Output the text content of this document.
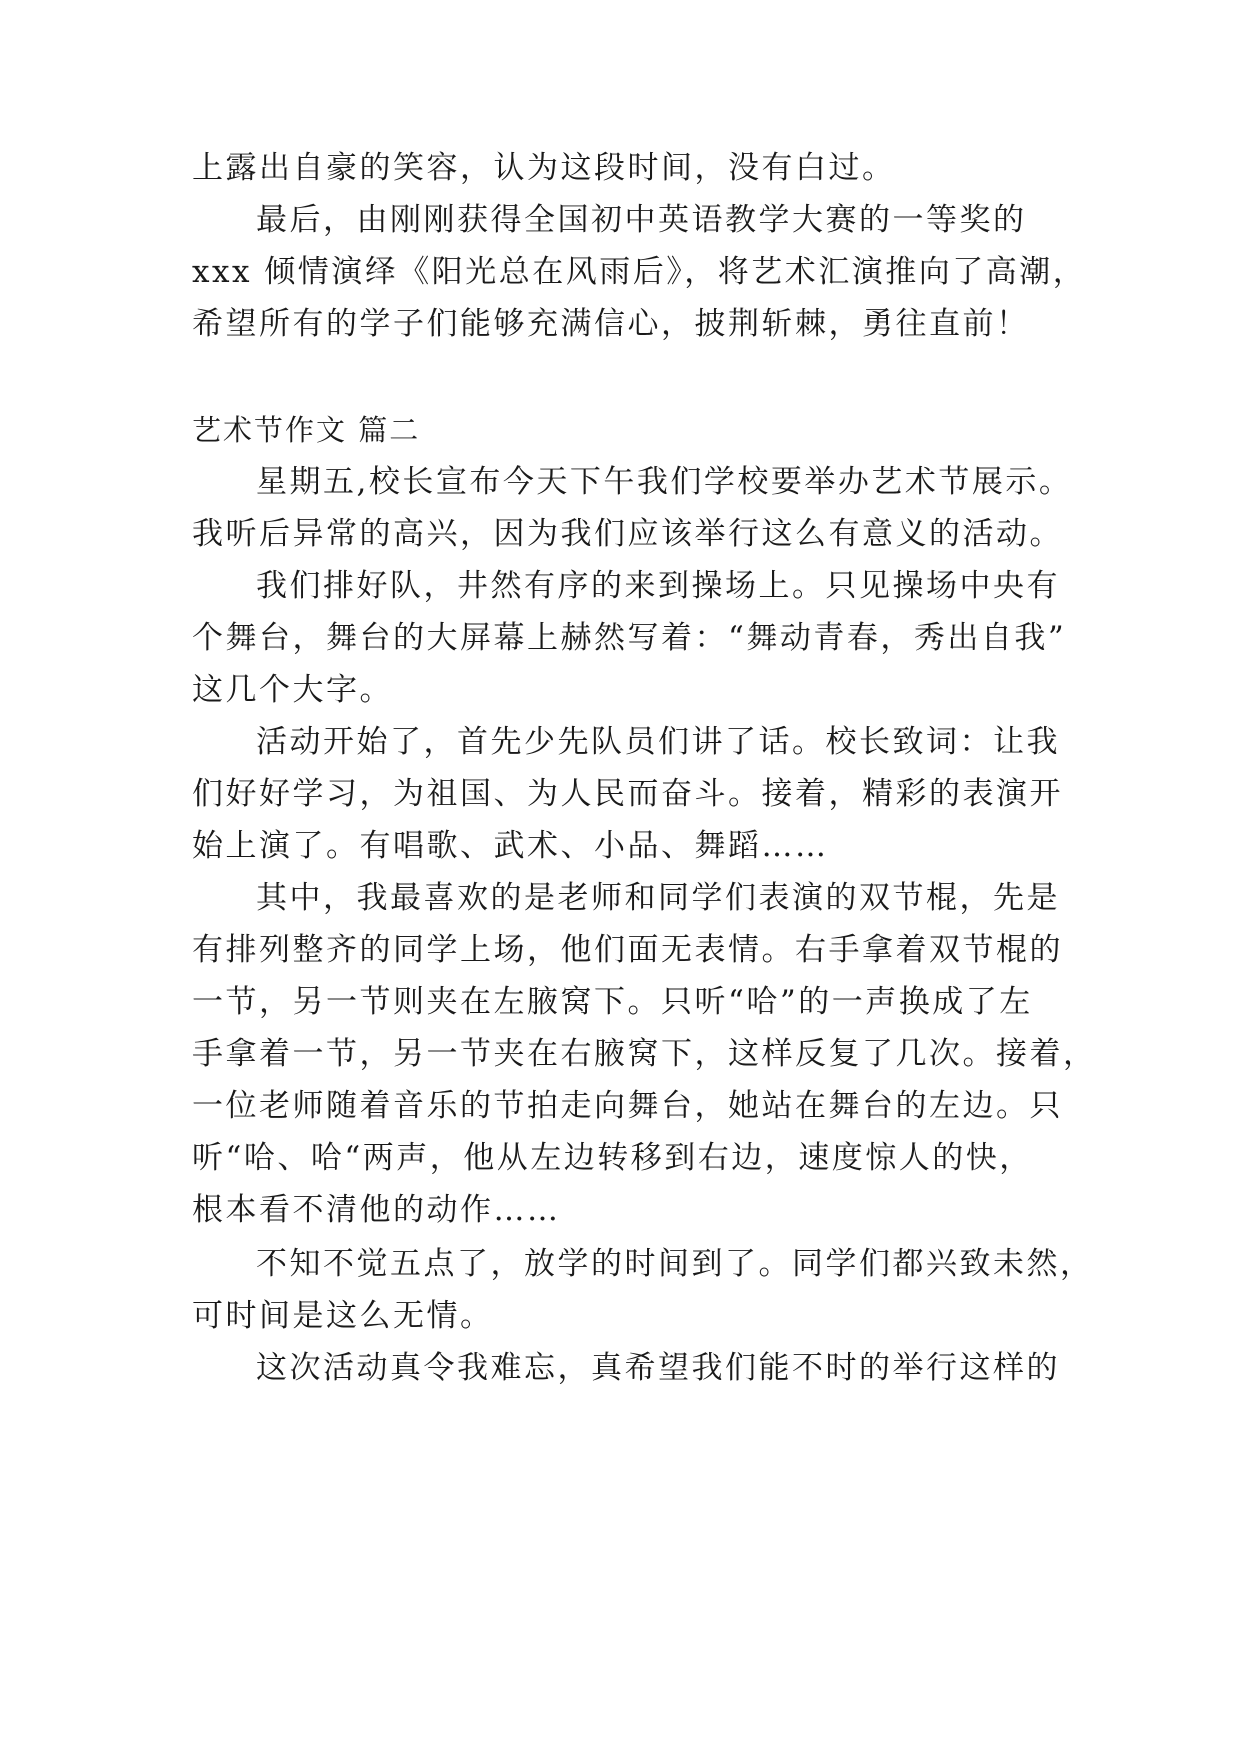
上露出自豪的笑容，认为这段时间，没有白过。
最后，由刚刚获得全国初中英语教学大赛的一等奖的
xxx 倾情演绎《阳光总在风雨后》，将艺术汇演推向了高潮，
希望所有的学子们能够充满信心，披荆斩棘，勇往直前！
艺术节作文 篇二
星期五,校长宣布今天下午我们学校要举办艺术节展示。
我听后异常的高兴，因为我们应该举行这么有意义的活动。
我们排好队，井然有序的来到操场上。只见操场中央有
个舞台，舞台的大屏幕上赫然写着：“舞动青春，秀出自我”
这几个大字。
活动开始了，首先少先队员们讲了话。校长致词：让我
们好好学习，为祖国、为人民而奋斗。接着，精彩的表演开
始上演了。有唱歌、武术、小品、舞蹈……
其中，我最喜欢的是老师和同学们表演的双节棍，先是
有排列整齐的同学上场，他们面无表情。右手拿着双节棍的
一节，另一节则夹在左腋窝下。只听“哈”的一声换成了左
手拿着一节，另一节夹在右腋窝下，这样反复了几次。接着，
一位老师随着音乐的节拍走向舞台，她站在舞台的左边。只
听“哈、哈“两声，他从左边转移到右边，速度惊人的快，
根本看不清他的动作……
不知不觉五点了，放学的时间到了。同学们都兴致未然，
可时间是这么无情。
这次活动真令我难忘，真希望我们能不时的举行这样的
